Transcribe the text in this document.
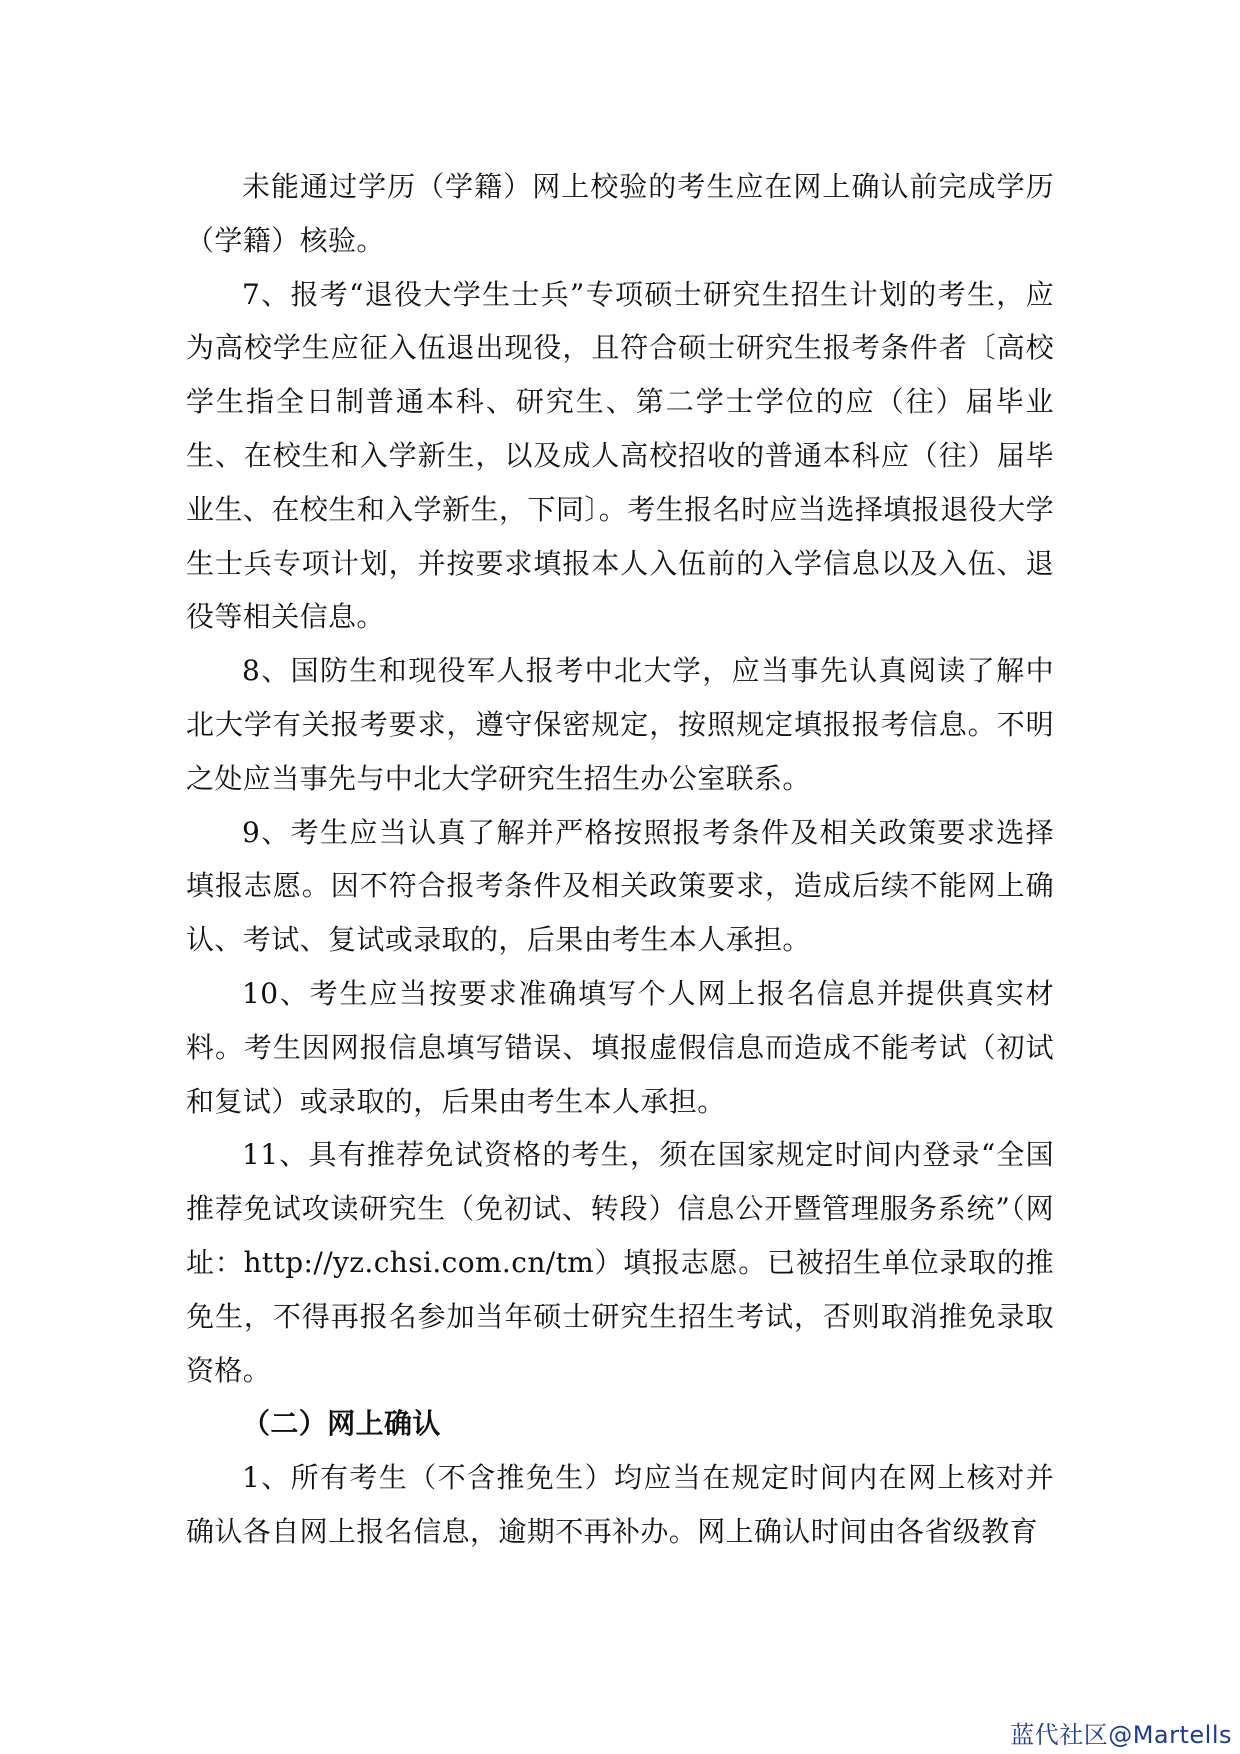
未能通过学历（学籍）网上校验的考生应在网上确认前完成学历（学籍）核验。

7、报考“退役大学生士兵”专项硕士研究生招生计划的考生，应为高校学生应征入伍退出现役，且符合硕士研究生报考条件者〔高校学生指全日制普通本科、研究生、第二学士学位的应（往）届毕业生、在校生和入学新生，以及成人高校招收的普通本科应（往）届毕业生、在校生和入学新生，下同〕。考生报名时应当选择填报退役大学生士兵专项计划，并按要求填报本人入伍前的入学信息以及入伍、退役等相关信息。

8、国防生和现役军人报考中北大学，应当事先认真阅读了解中北大学有关报考要求，遵守保密规定，按照规定填报报考信息。不明之处应当事先与中北大学研究生招生办公室联系。

9、考生应当认真了解并严格按照报考条件及相关政策要求选择填报志愿。因不符合报考条件及相关政策要求，造成后续不能网上确认、考试、复试或录取的，后果由考生本人承担。

10、考生应当按要求准确填写个人网上报名信息并提供真实材料。考生因网报信息填写错误、填报虚假信息而造成不能考试（初试和复试）或录取的，后果由考生本人承担。

11、具有推荐免试资格的考生，须在国家规定时间内登录“全国推荐免试攻读研究生（免初试、转段）信息公开暨管理服务系统”（网址：http://yz.chsi.com.cn/tm）填报志愿。已被招生单位录取的推免生，不得再报名参加当年硕士研究生招生考试，否则取消推免录取资格。

（二）网上确认

1、所有考生（不含推免生）均应当在规定时间内在网上核对并确认各自网上报名信息，逾期不再补办。网上确认时间由各省级教育

蓝代社区@Martells
